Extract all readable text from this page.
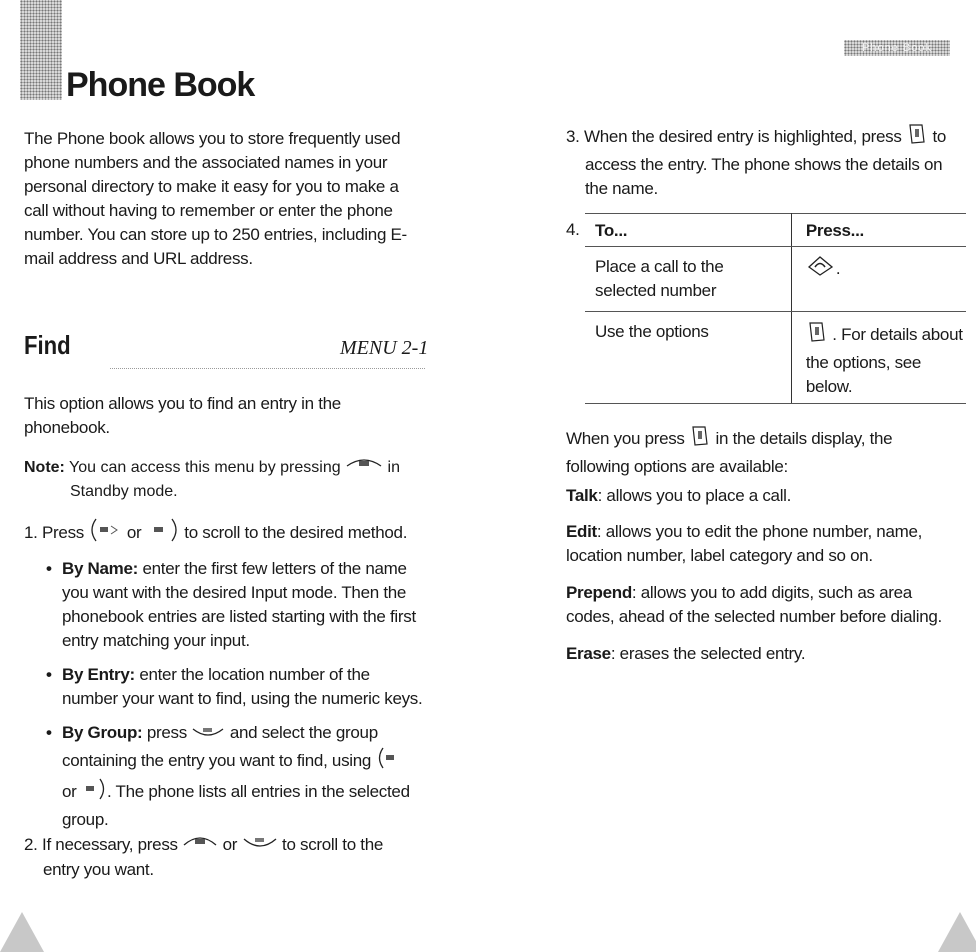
Phone Book
Phone Book

The Phone book allows you to store frequently used phone numbers and the associated names in your personal directory to make it easy for you to make a call without having to remember or enter the phone number. You can store up to 250 entries, including E-mail address and URL address.

Find	MENU 2-1

This option allows you to find an entry in the phonebook.

Note: You can access this menu by pressing	in
Standby mode.
1. Press	or	to scroll to the desired method.
• By Name: enter the first few letters of the name you want with the desired Input mode. Then the phonebook entries are listed starting with the first entry matching your input.
• By Entry: enter the location number of the number your want to find, using the numeric keys.
• By Group: press	and select the group containing the entry you want to find, using  or . The phone lists all entries in the selected group.
2. If necessary, press	or	to scroll to the
entry you want.
3. When the desired entry is highlighted, press to
access the entry. The phone shows the details on the name.
4. To...	Press...
Place a call to the selected number	.
Use the options	. For details about the options, see below.
When you press in the details display, the following options are available:
Talk: allows you to place a call.
Edit: allows you to edit the phone number, name, location number, label category and so on.
Prepend: allows you to add digits, such as area codes, ahead of the selected number before dialing.
Erase: erases the selected entry.
